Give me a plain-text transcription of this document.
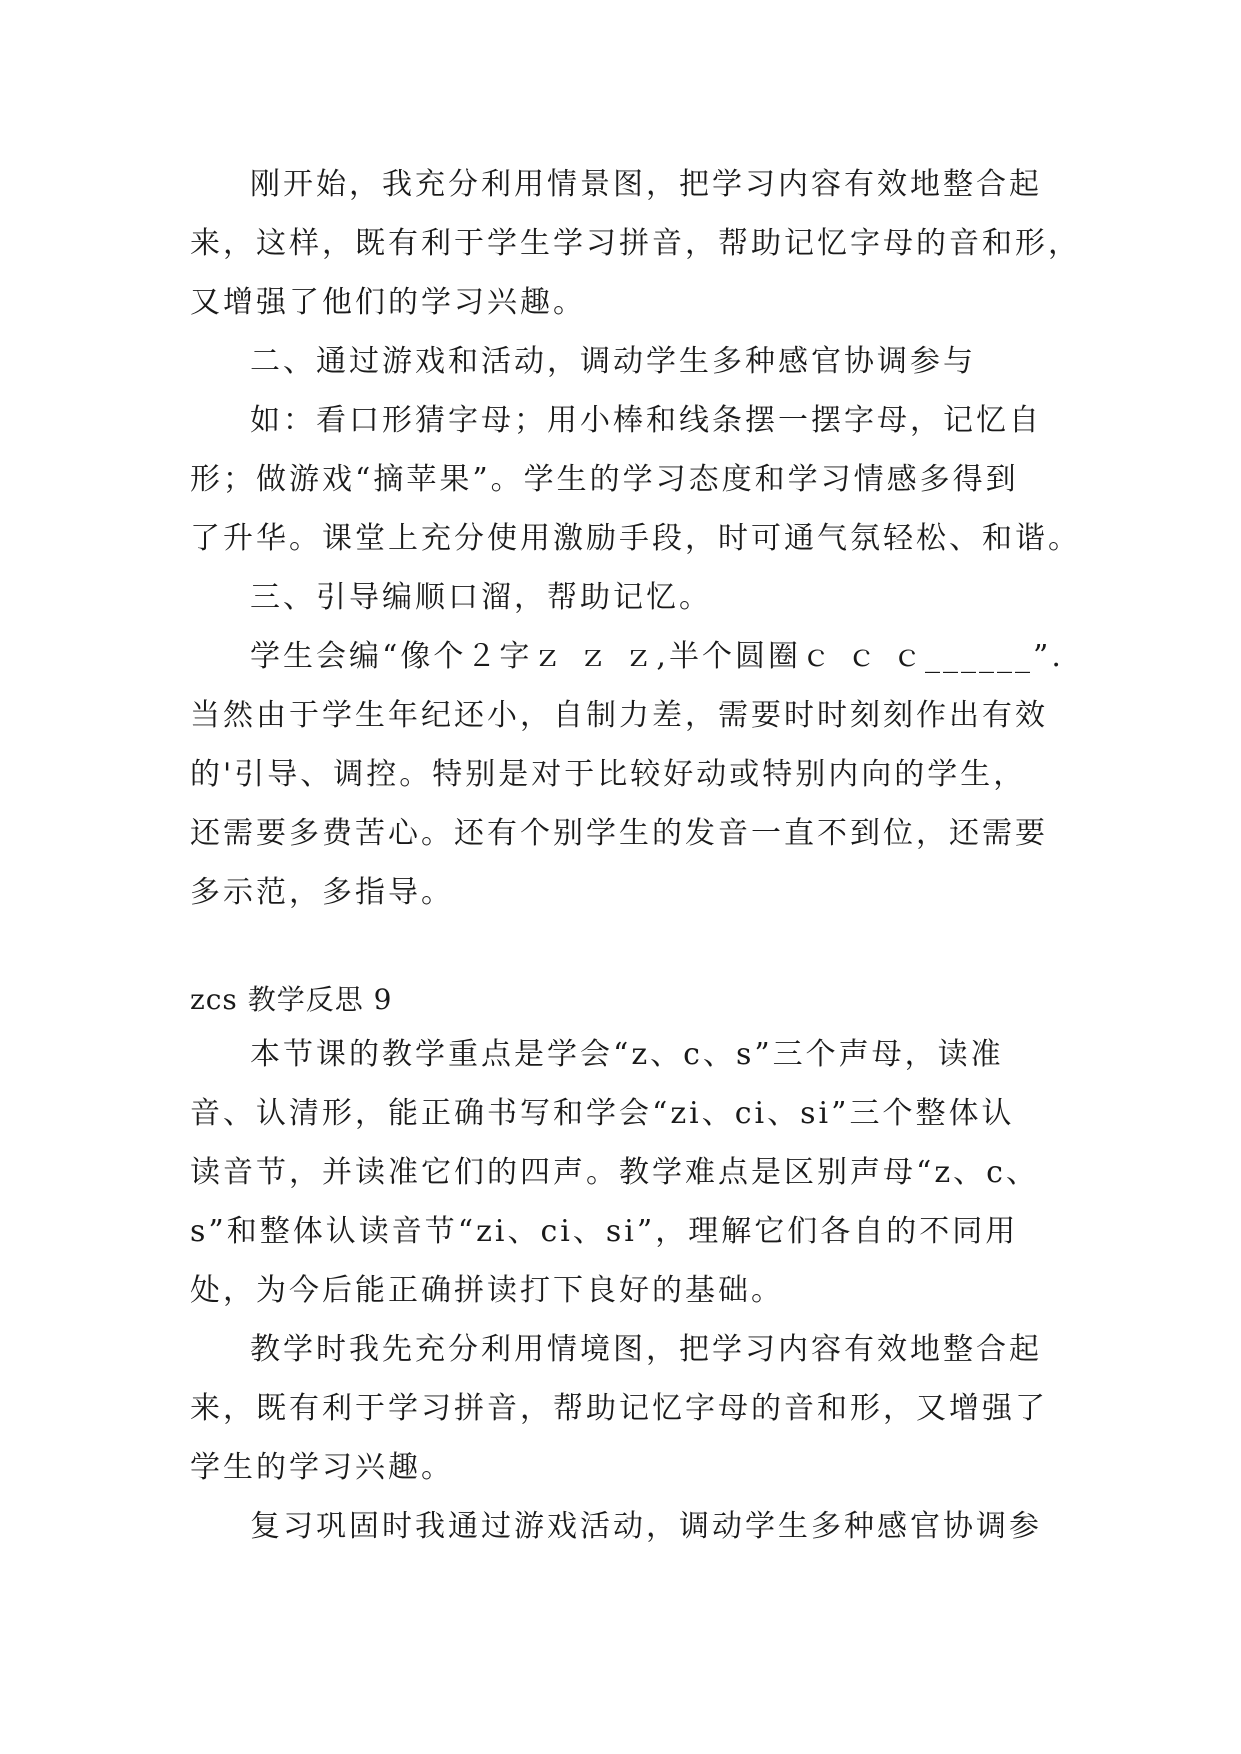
刚开始，我充分利用情景图，把学习内容有效地整合起
来，这样，既有利于学生学习拼音，帮助记忆字母的音和形，
又增强了他们的学习兴趣。
二、通过游戏和活动，调动学生多种感官协调参与
如：看口形猜字母；用小棒和线条摆一摆字母，记忆自
形；做游戏“摘苹果”。学生的学习态度和学习情感多得到
了升华。课堂上充分使用激励手段，时可通气氛轻松、和谐。
三、引导编顺口溜，帮助记忆。
学生会编“像个２字ｚ ｚ ｚ,半个圆圈ｃ ｃ ｃ______”.
当然由于学生年纪还小，自制力差，需要时时刻刻作出有效
的'引导、调控。特别是对于比较好动或特别内向的学生，
还需要多费苦心。还有个别学生的发音一直不到位，还需要
多示范，多指导。
zcs 教学反思 9
本节课的教学重点是学会“z、c、s”三个声母，读准
音、认清形，能正确书写和学会“zi、ci、si”三个整体认
读音节，并读准它们的四声。教学难点是区别声母“z、c、
s”和整体认读音节“zi、ci、si”，理解它们各自的不同用
处，为今后能正确拼读打下良好的基础。
教学时我先充分利用情境图，把学习内容有效地整合起
来，既有利于学习拼音，帮助记忆字母的音和形，又增强了
学生的学习兴趣。
复习巩固时我通过游戏活动，调动学生多种感官协调参
